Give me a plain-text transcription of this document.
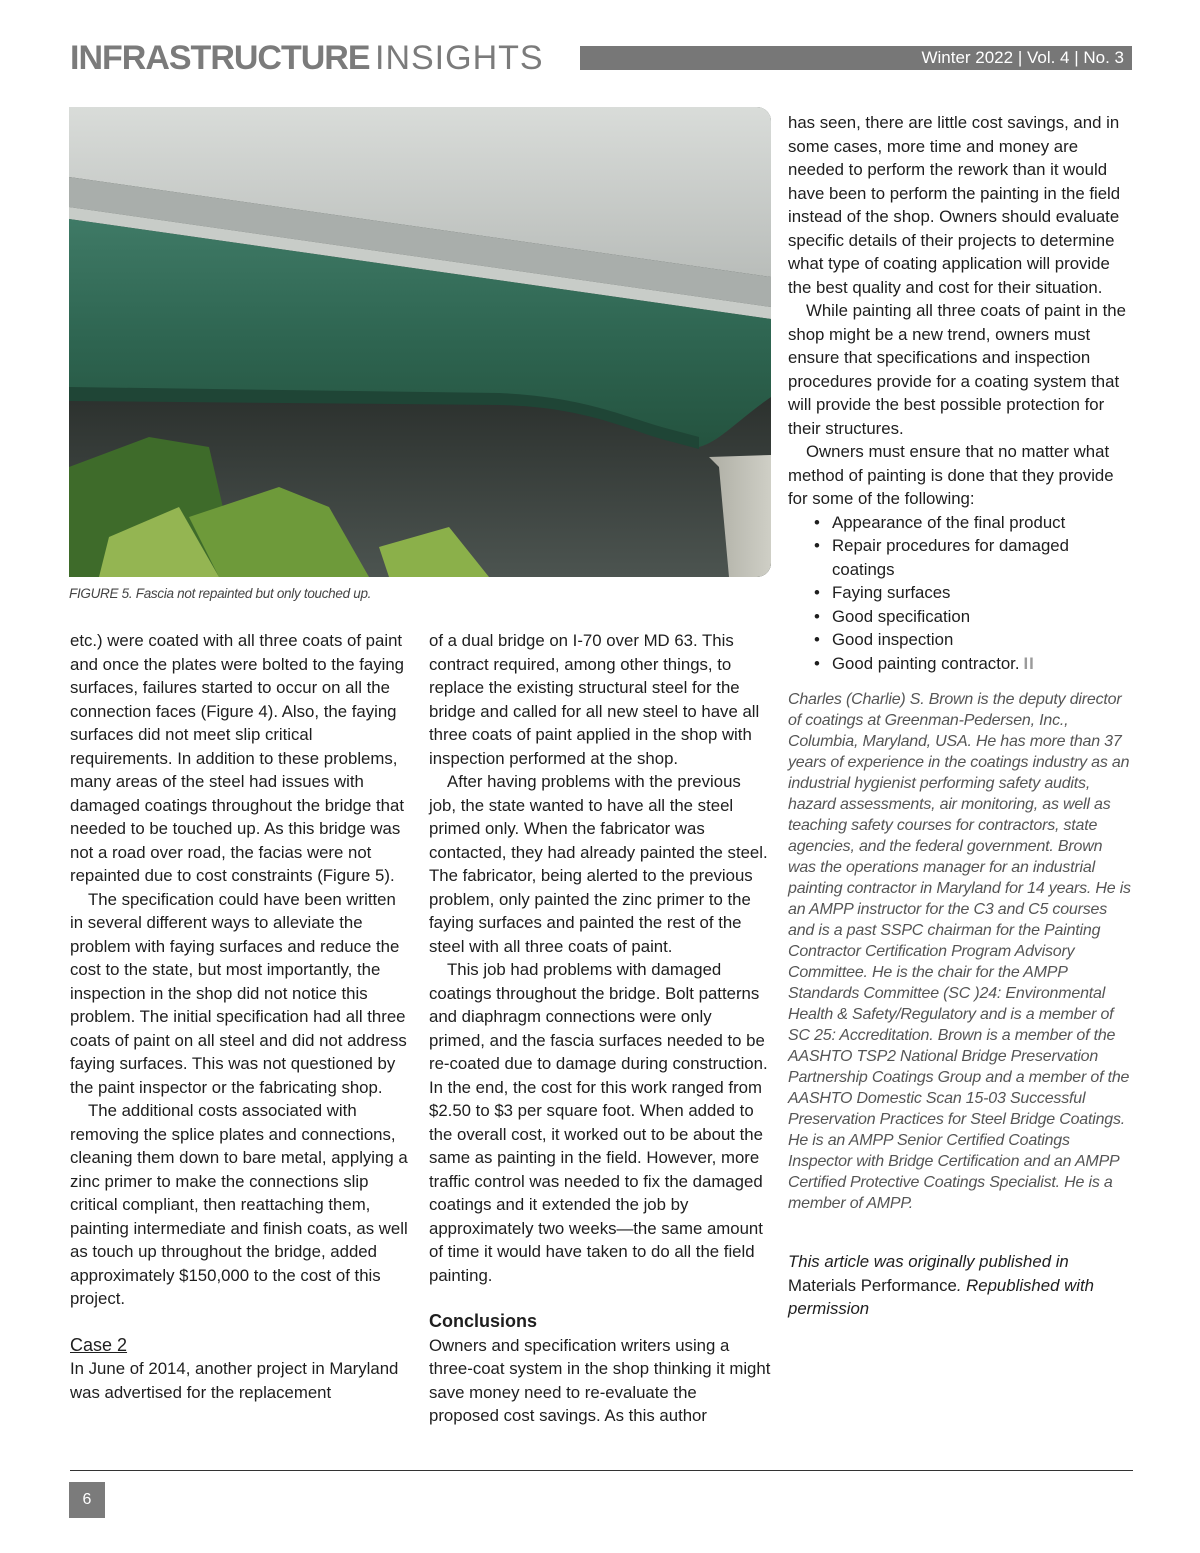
INFRASTRUCTURE INSIGHTS	Winter 2022 | Vol. 4 | No. 3
FIGURE 5. Fascia not repainted but only touched up.

etc.) were coated with all three coats of paint and once the plates were bolted to the faying surfaces, failures started to occur on all the connection faces (Figure 4). Also, the faying surfaces did not meet slip critical requirements. In addition to these problems, many areas of the steel had issues with damaged coatings throughout the bridge that needed to be touched up. As this bridge was not a road over road, the facias were not repainted due to cost constraints (Figure 5).

The specification could have been written in several different ways to alleviate the problem with faying surfaces and reduce the cost to the state, but most importantly, the inspection in the shop did not notice this problem. The initial specification had all three coats of paint on all steel and did not address faying surfaces. This was not questioned by the paint inspector or the fabricating shop.

The additional costs associated with removing the splice plates and connections, cleaning them down to bare metal, applying a zinc primer to make the connections slip critical compliant, then reattaching them, painting intermediate and finish coats, as well as touch up throughout the bridge, added approximately $150,000 to the cost of this project.

Case 2

In June of 2014, another project in Maryland was advertised for the replacement

of a dual bridge on I-70 over MD 63. This contract required, among other things, to replace the existing structural steel for the bridge and called for all new steel to have all three coats of paint applied in the shop with inspection performed at the shop.

After having problems with the previous job, the state wanted to have all the steel primed only. When the fabricator was contacted, they had already painted the steel. The fabricator, being alerted to the previous problem, only painted the zinc primer to the faying surfaces and painted the rest of the steel with all three coats of paint.

This job had problems with damaged coatings throughout the bridge. Bolt patterns and diaphragm connections were only primed, and the fascia surfaces needed to be re-coated due to damage during construction. In the end, the cost for this work ranged from $2.50 to $3 per square foot. When added to the overall cost, it worked out to be about the same as painting in the field. However, more traffic control was needed to fix the damaged coatings and it extended the job by approximately two weeks—the same amount of time it would have taken to do all the field painting.

Conclusions

Owners and specification writers using a three-coat system in the shop thinking it might save money need to re-evaluate the proposed cost savings. As this author

has seen, there are little cost savings, and in some cases, more time and money are needed to perform the rework than it would have been to perform the painting in the field instead of the shop. Owners should evaluate specific details of their projects to determine what type of coating application will provide the best quality and cost for their situation.

While painting all three coats of paint in the shop might be a new trend, owners must ensure that specifications and inspection procedures provide for a coating system that will provide the best possible protection for their structures.

Owners must ensure that no matter what method of painting is done that they provide for some of the following:

• Appearance of the final product
• Repair procedures for damaged coatings
• Faying surfaces
• Good specification
• Good inspection
• Good painting contractor. II

Charles (Charlie) S. Brown is the deputy director of coatings at Greenman-Pedersen, Inc., Columbia, Maryland, USA. He has more than 37 years of experience in the coatings industry as an industrial hygienist performing safety audits, hazard assessments, air monitoring, as well as teaching safety courses for contractors, state agencies, and the federal government. Brown was the operations manager for an industrial painting contractor in Maryland for 14 years. He is an AMPP instructor for the C3 and C5 courses and is a past SSPC chairman for the Painting Contractor Certification Program Advisory Committee. He is the chair for the AMPP Standards Committee (SC )24: Environmental Health & Safety/Regulatory and is a member of SC 25: Accreditation. Brown is a member of the AASHTO TSP2 National Bridge Preservation Partnership Coatings Group and a member of the AASHTO Domestic Scan 15-03 Successful Preservation Practices for Steel Bridge Coatings. He is an AMPP Senior Certified Coatings Inspector with Bridge Certification and an AMPP Certified Protective Coatings Specialist. He is a member of AMPP.

This article was originally published in
Materials Performance. Republished with permission

6
